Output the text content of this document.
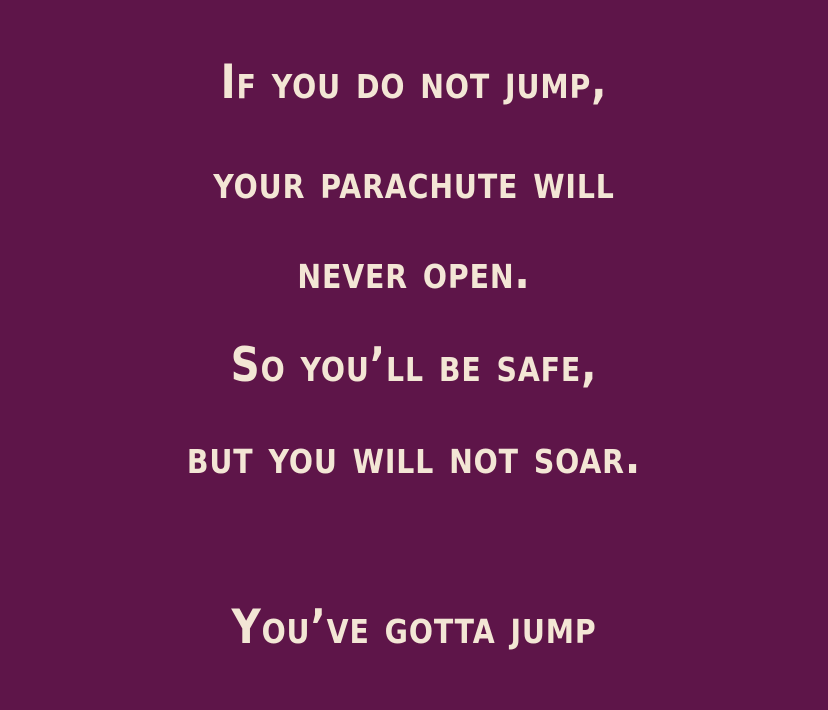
If you do not jump,
your parachute will
never open.
So you’ll be safe,
but you will not soar.
You’ve gotta jump
